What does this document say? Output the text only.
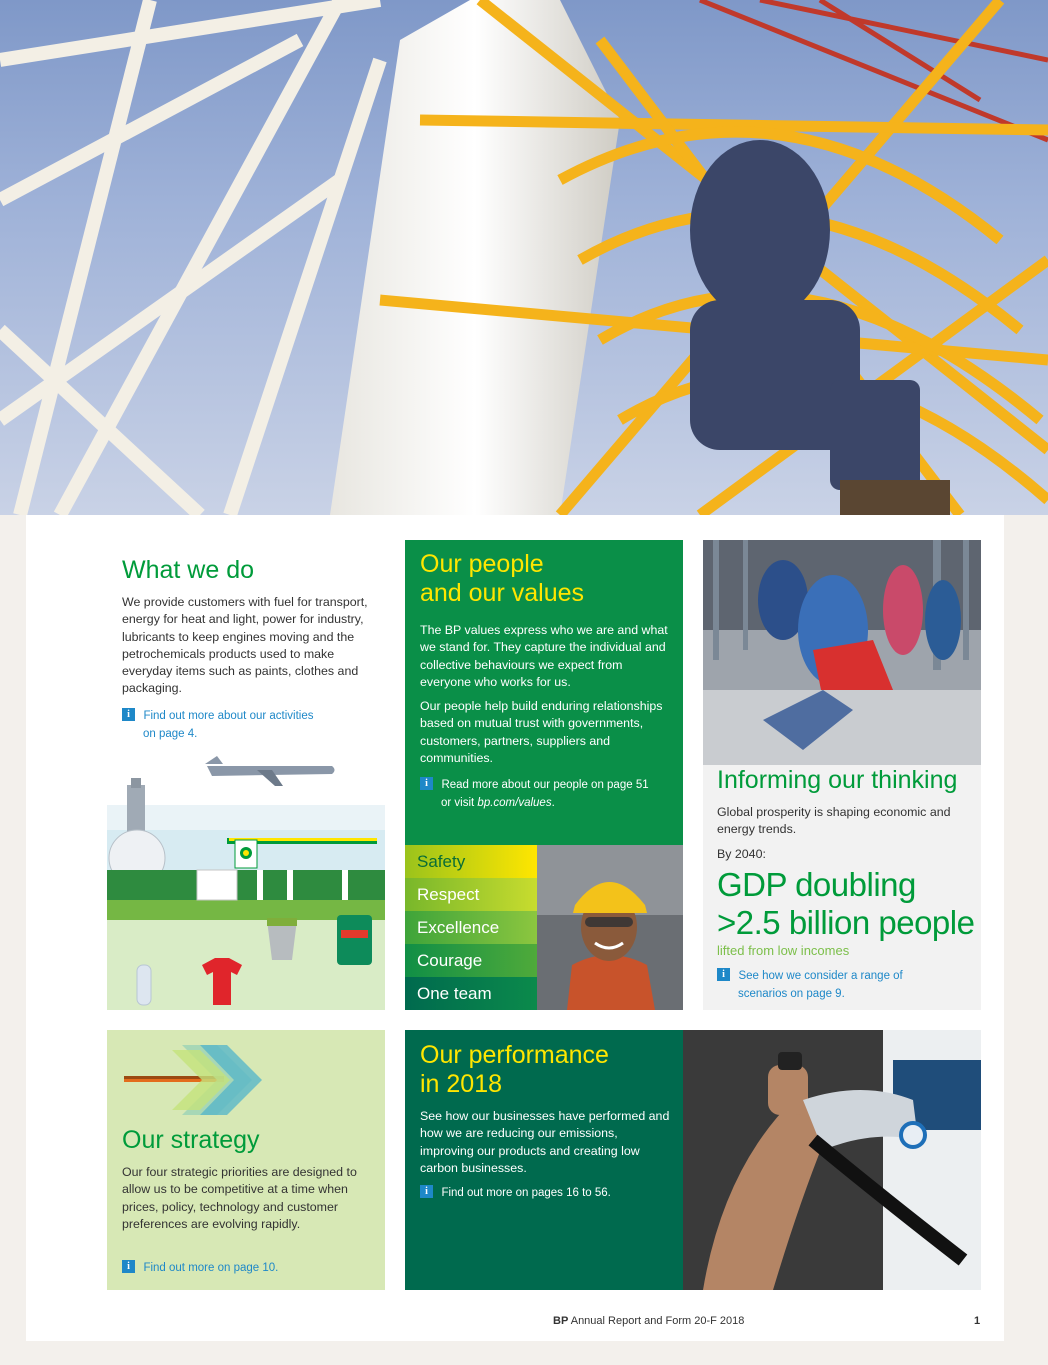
What we do

We provide customers with fuel for transport, energy for heat and light, power for industry, lubricants to keep engines moving and the petrochemicals products used to make everyday items such as paints, clothes and packaging.

i Find out more about our activities
on page 4.
Our people
and our values

The BP values express who we are and what we stand for. They capture the individual and collective behaviours we expect from everyone who works for us.

Our people help build enduring relationships based on mutual trust with governments, customers, partners, suppliers and communities.

i Read more about our people on page 51
or visit bp.com/values.
Safety
Respect
Excellence
Courage
One team
Informing our thinking

Global prosperity is shaping economic and energy trends.

By 2040:

GDP doubling
>2.5 billion people
lifted from low incomes
i See how we consider a range of
scenarios on page 9.
Our strategy

Our four strategic priorities are designed to allow us to be competitive at a time when prices, policy, technology and customer preferences are evolving rapidly.

i Find out more on page 10.
Our performance
in 2018

See how our businesses have performed and how we are reducing our emissions, improving our products and creating low carbon businesses.

i Find out more on pages 16 to 56.
BP Annual Report and Form 20-F 2018	1
